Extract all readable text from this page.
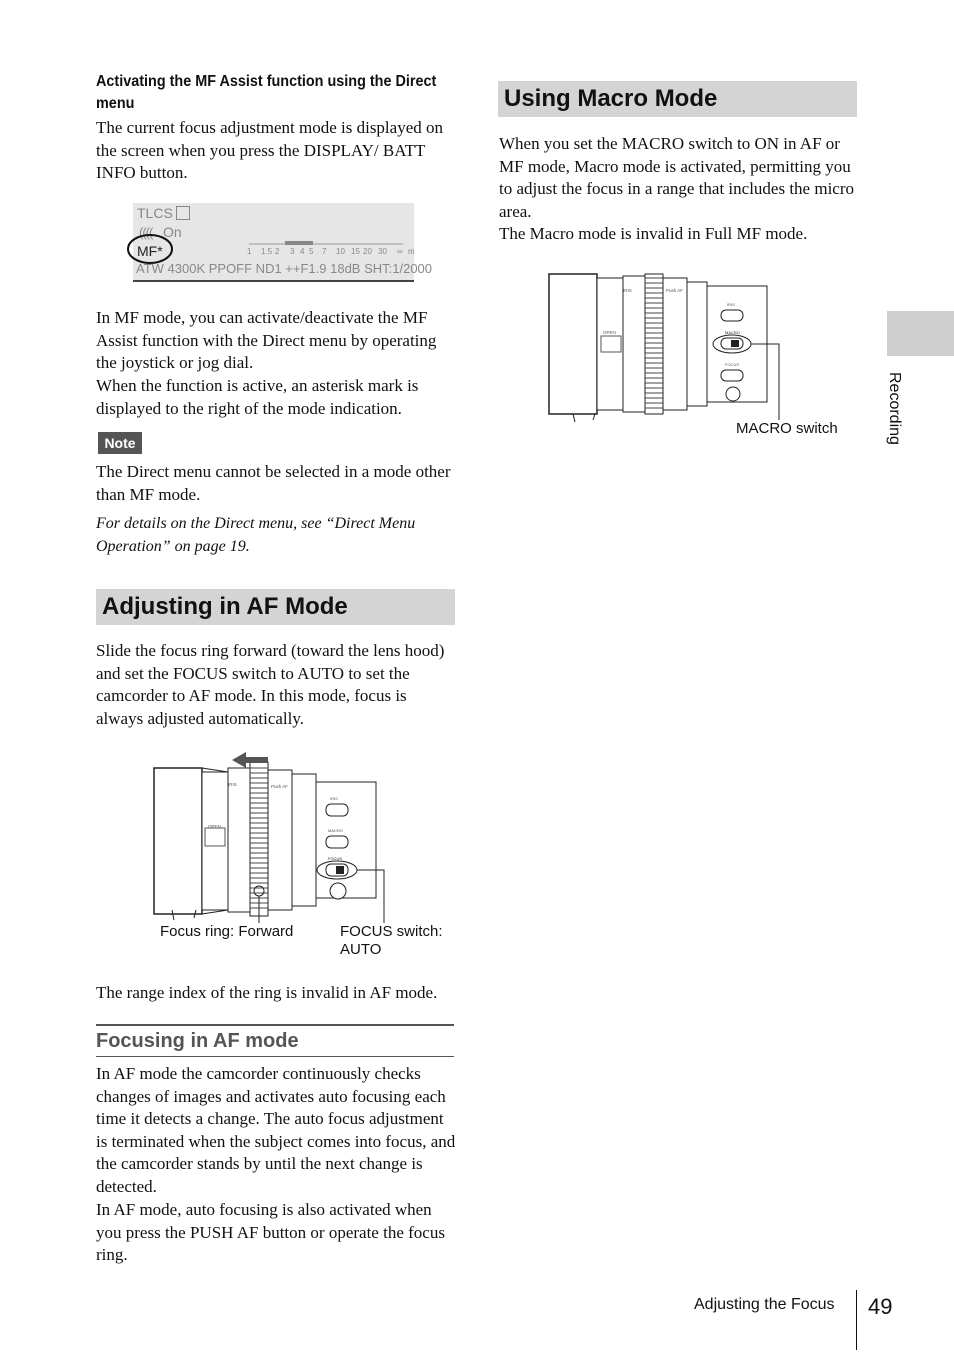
Activating the MF Assist function using the Direct menu
The current focus adjustment mode is displayed on the screen when you press the DISPLAY/ BATT INFO button.
TLCS
(((( On
MF*	1 1.5 2 3 4 5 7 10 15 20 30 ∞ m
ATW 4300K PPOFF ND1 ++F1.9 18dB SHT:1/2000
In MF mode, you can activate/deactivate the MF Assist function with the Direct menu by operating the joystick or jog dial.
When the function is active, an asterisk mark is displayed to the right of the mode indication.
Note
The Direct menu cannot be selected in a mode other than MF mode.
For details on the Direct menu, see “Direct Menu Operation” on page 19.
Adjusting in AF Mode
Slide the focus ring forward (toward the lens hood) and set the FOCUS switch to AUTO to set the camcorder to AF mode. In this mode, focus is always adjusted automatically.
IRIS
OPEN
Push AF
IRIS
MACRO
FOCUS
Focus ring: Forward	FOCUS switch:
AUTO
The range index of the ring is invalid in AF mode.
Focusing in AF mode
In AF mode the camcorder continuously checks changes of images and activates auto focusing each time it detects a change. The auto focus adjustment is terminated when the subject comes into focus, and the camcorder stands by until the next change is detected.
In AF mode, auto focusing is also activated when you press the PUSH AF button or operate the focus ring.
Using Macro Mode
When you set the MACRO switch to ON in AF or MF mode, Macro mode is activated, permitting you to adjust the focus in a range that includes the micro area.
The Macro mode is invalid in Full MF mode.
IRIS
OPEN
Push AF
IRIS
MACRO
FOCUS
MACRO switch	Recording
Adjusting the Focus 49
